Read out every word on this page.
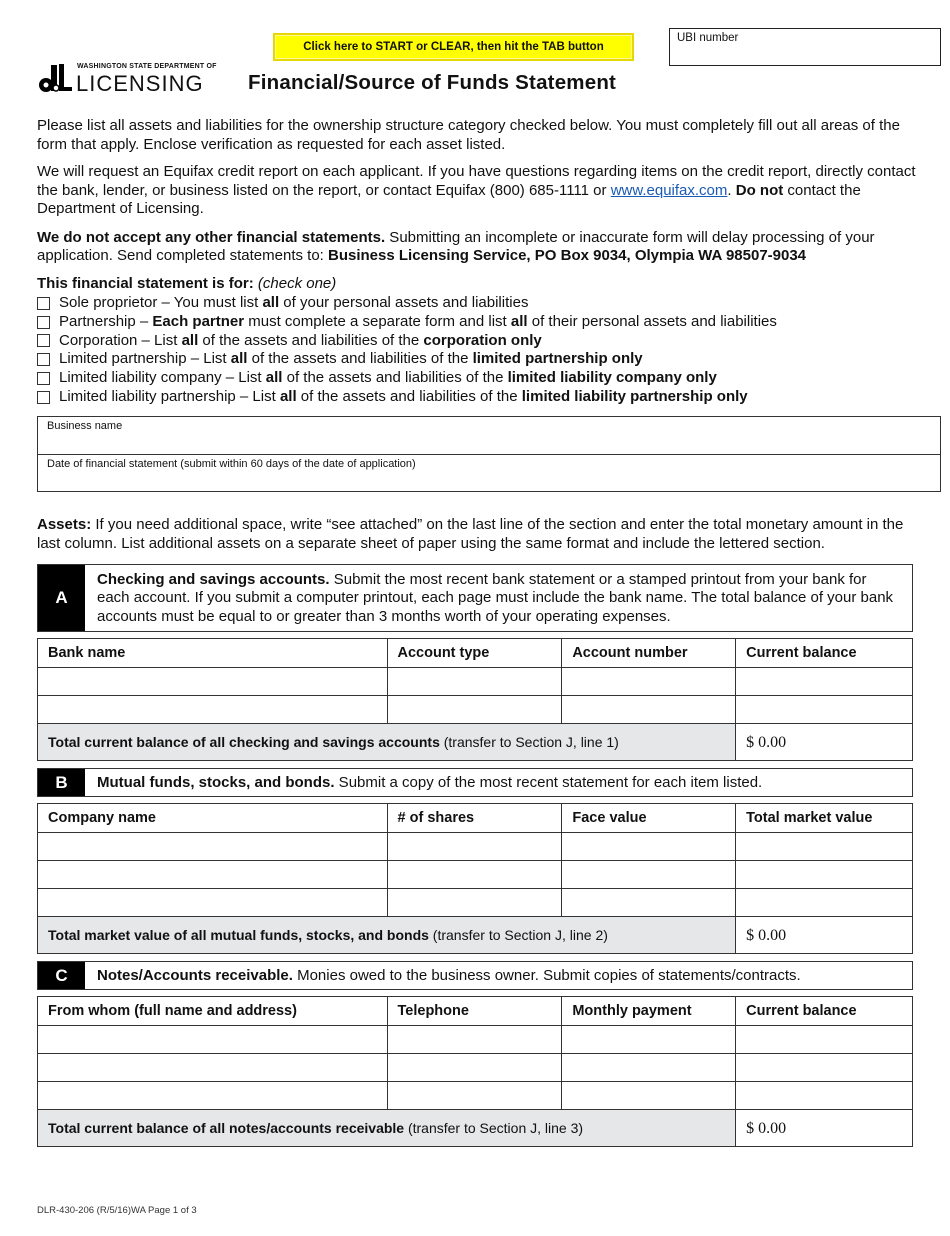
Click here to START or CLEAR, then hit the TAB button
UBI number
WASHINGTON STATE DEPARTMENT OF
LICENSING Financial/Source of Funds Statement

Please list all assets and liabilities for the ownership structure category checked below. You must completely fill out all areas of the form that apply. Enclose verification as requested for each asset listed.

We will request an Equifax credit report on each applicant. If you have questions regarding items on the credit report, directly contact the bank, lender, or business listed on the report, or contact Equifax (800) 685-1111 or www.equifax.com. Do not contact the Department of Licensing.

We do not accept any other financial statements. Submitting an incomplete or inaccurate form will delay processing of your application. Send completed statements to: Business Licensing Service, PO Box 9034, Olympia WA 98507-9034

This financial statement is for:
(check one)
Sole proprietor – You must list all of your personal assets and liabilities
Partnership – Each partner must complete a separate form and list all of their personal assets and liabilities
Corporation – List all of the assets and liabilities of the corporation only
Limited partnership – List all of the assets and liabilities of the limited partnership only
Limited liability company – List all of the assets and liabilities of the limited liability company only
Limited liability partnership – List all of the assets and liabilities of the limited liability partnership only
Business name
Date of financial statement (submit within 60 days of the date of application)

Assets: If you need additional space, write “see attached” on the last line of the section and enter the total monetary amount in the last column. List additional assets on a separate sheet of paper using the same format and include the lettered section.

A
Checking and savings accounts. Submit the most recent bank statement or a stamped printout from your bank for each account. If you submit a computer printout, each page must include the bank name. The total balance of your bank accounts must be equal to or greater than 3 months worth of your operating expenses.
Bank name	Account type	Account number	Current balance

Total current balance of all checking and savings accounts (transfer to Section J, line 1)			$ 0.00
B	Mutual funds, stocks, and bonds. Submit a copy of the most recent statement for each item listed.
Company name	# of shares	Face value	Total market value

Total market value of all mutual funds, stocks, and bonds (transfer to Section J, line 2)			$ 0.00
C	Notes/Accounts receivable. Monies owed to the business owner. Submit copies of statements/contracts.
From whom (full name and address)	Telephone	Monthly payment	Current balance

Total current balance of all notes/accounts receivable (transfer to Section J, line 3)			$ 0.00
DLR-430-206 (R/5/16)WA Page 1 of 3
